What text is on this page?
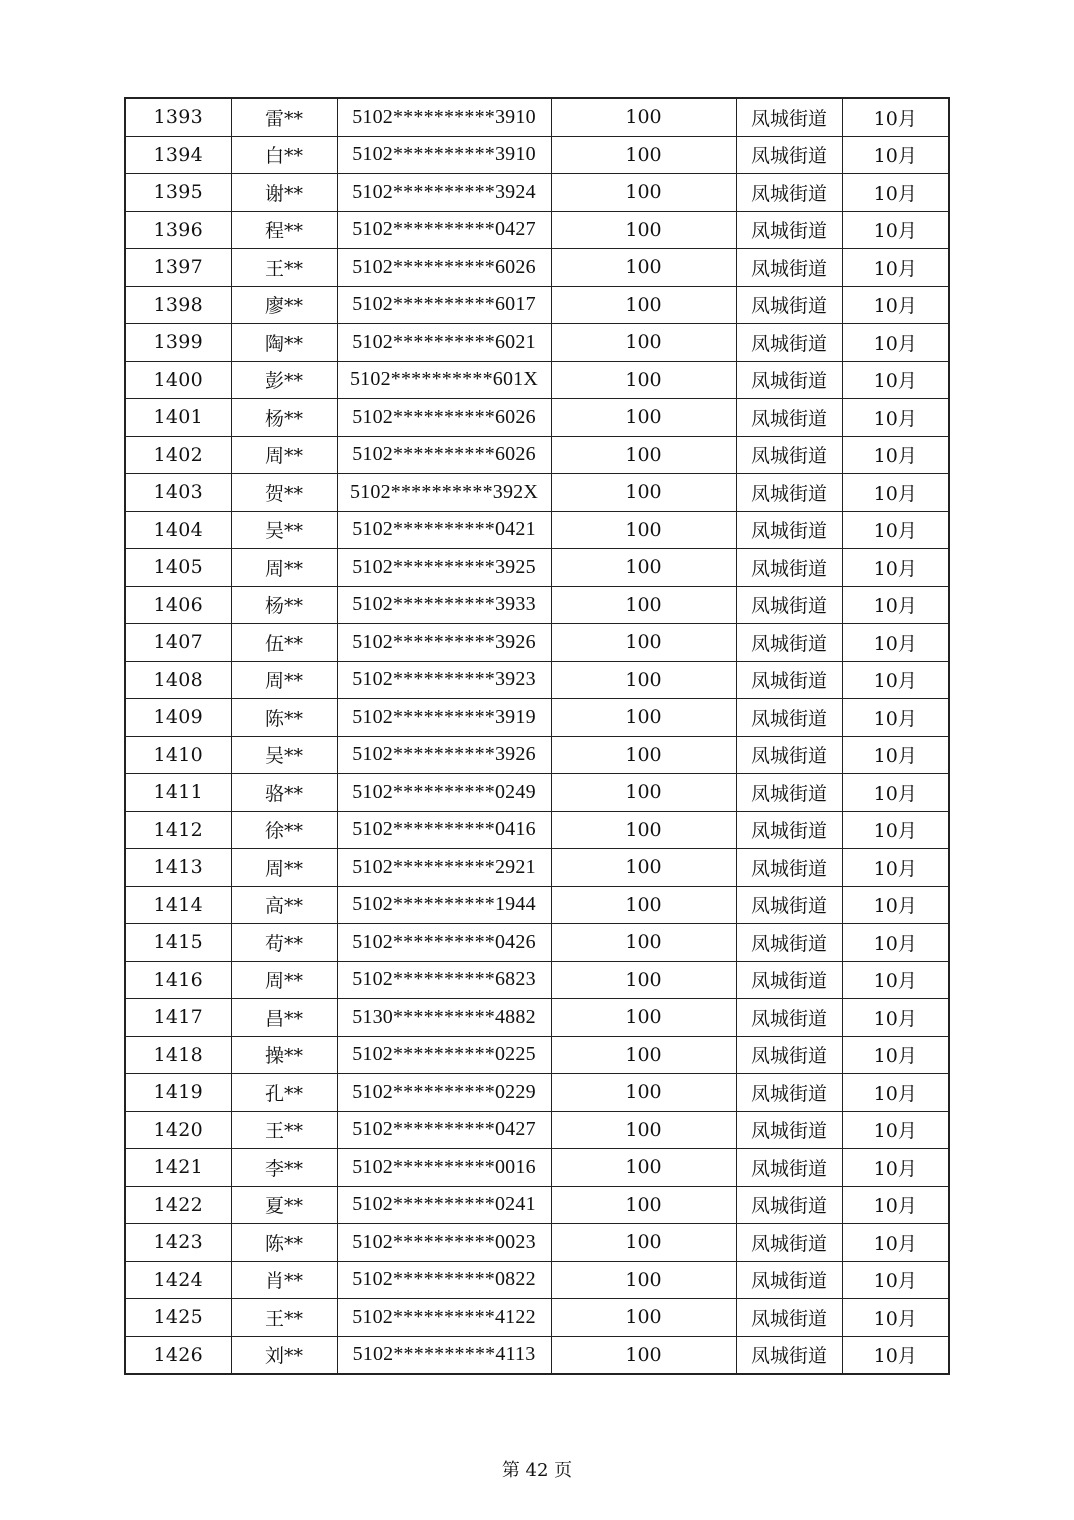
1393	雷**	5102**********3910	100	凤城街道	10月
1394	白**	5102**********3910	100	凤城街道	10月
1395	谢**	5102**********3924	100	凤城街道	10月
1396	程**	5102**********0427	100	凤城街道	10月
1397	王**	5102**********6026	100	凤城街道	10月
1398	廖**	5102**********6017	100	凤城街道	10月
1399	陶**	5102**********6021	100	凤城街道	10月
1400	彭**	5102**********601X	100	凤城街道	10月
1401	杨**	5102**********6026	100	凤城街道	10月
1402	周**	5102**********6026	100	凤城街道	10月
1403	贺**	5102**********392X	100	凤城街道	10月
1404	吴**	5102**********0421	100	凤城街道	10月
1405	周**	5102**********3925	100	凤城街道	10月
1406	杨**	5102**********3933	100	凤城街道	10月
1407	伍**	5102**********3926	100	凤城街道	10月
1408	周**	5102**********3923	100	凤城街道	10月
1409	陈**	5102**********3919	100	凤城街道	10月
1410	吴**	5102**********3926	100	凤城街道	10月
1411	骆**	5102**********0249	100	凤城街道	10月
1412	徐**	5102**********0416	100	凤城街道	10月
1413	周**	5102**********2921	100	凤城街道	10月
1414	高**	5102**********1944	100	凤城街道	10月
1415	苟**	5102**********0426	100	凤城街道	10月
1416	周**	5102**********6823	100	凤城街道	10月
1417	昌**	5130**********4882	100	凤城街道	10月
1418	操**	5102**********0225	100	凤城街道	10月
1419	孔**	5102**********0229	100	凤城街道	10月
1420	王**	5102**********0427	100	凤城街道	10月
1421	李**	5102**********0016	100	凤城街道	10月
1422	夏**	5102**********0241	100	凤城街道	10月
1423	陈**	5102**********0023	100	凤城街道	10月
1424	肖**	5102**********0822	100	凤城街道	10月
1425	王**	5102**********4122	100	凤城街道	10月
1426	刘**	5102**********4113	100	凤城街道	10月
第 42 页
